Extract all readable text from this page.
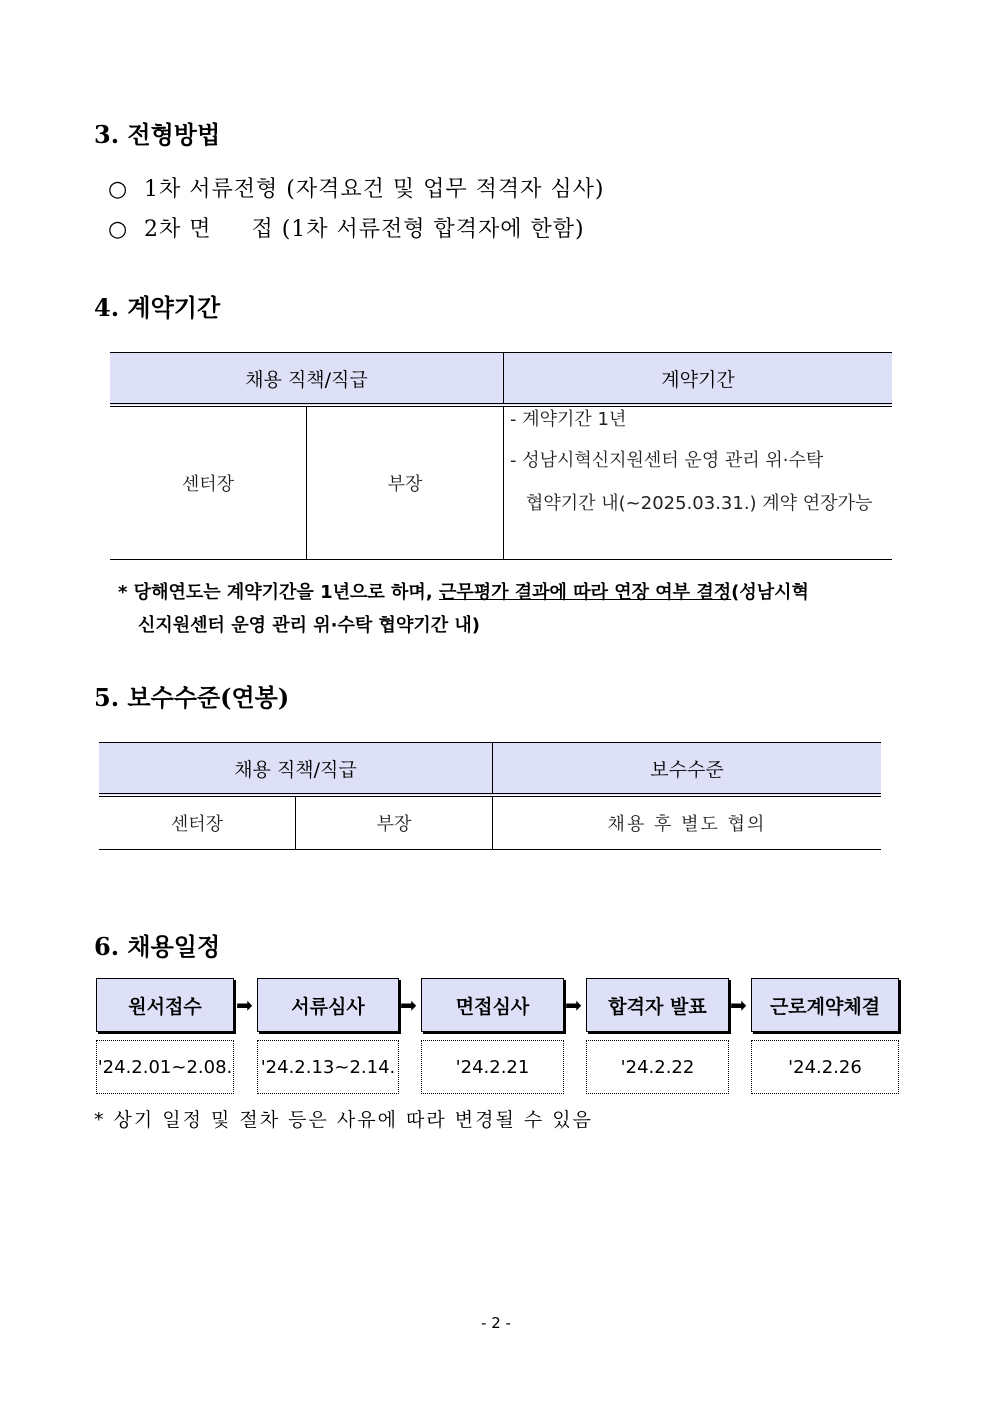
3. 전형방법
○ 1차 서류전형 (자격요건 및 업무 적격자 심사)
○ 2차 면     접 (1차 서류전형 합격자에 한함)
4. 계약기간
채용 직책/직급		계약기간
센터장	부장	- 계약기간 1년
- 성남시혁신지원센터 운영 관리 위·수탁
협약기간 내(~2025.03.31.) 계약 연장가능
* 당해연도는 계약기간을 1년으로 하며, 근무평가 결과에 따라 연장 여부 결정(성남시혁
신지원센터 운영 관리 위·수탁 협약기간 내)
5. 보수수준(연봉)
채용 직책/직급		보수수준
센터장	부장	채용 후 별도 협의
6. 채용일정
원서접수	➡	서류심사	➡	면접심사	➡	합격자 발표	➡	근로계약체결
'24.2.01~2.08. '24.2.13~2.14.	'24.2.21	'24.2.22	'24.2.26
* 상기 일정 및 절차 등은 사유에 따라 변경될 수 있음
- 2 -
